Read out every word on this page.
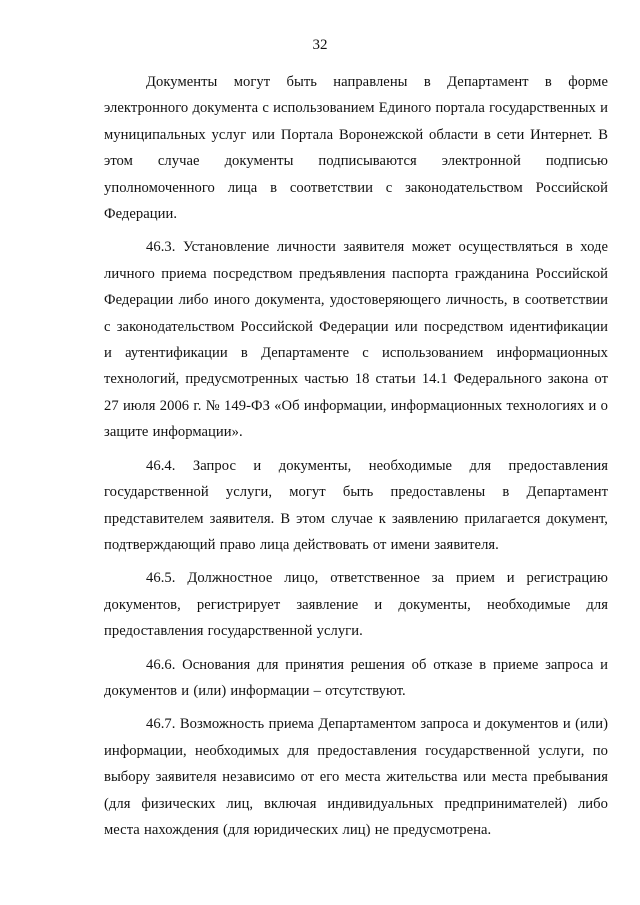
32

Документы могут быть направлены в Департамент в форме электронного документа с использованием Единого портала государственных и муниципальных услуг или Портала Воронежской области в сети Интернет. В этом случае документы подписываются электронной подписью уполномоченного лица в соответствии с законодательством Российской Федерации.

46.3. Установление личности заявителя может осуществляться в ходе личного приема посредством предъявления паспорта гражданина Российской Федерации либо иного документа, удостоверяющего личность, в соответствии с законодательством Российской Федерации или посредством идентификации и аутентификации в Департаменте с использованием информационных технологий, предусмотренных частью 18 статьи 14.1 Федерального закона от 27 июля 2006 г. № 149-ФЗ «Об информации, информационных технологиях и о защите информации».

46.4. Запрос и документы, необходимые для предоставления государственной услуги, могут быть предоставлены в Департамент представителем заявителя. В этом случае к заявлению прилагается документ, подтверждающий право лица действовать от имени заявителя.

46.5. Должностное лицо, ответственное за прием и регистрацию документов, регистрирует заявление и документы, необходимые для предоставления государственной услуги.

46.6. Основания для принятия решения об отказе в приеме запроса и документов и (или) информации – отсутствуют.

46.7. Возможность приема Департаментом запроса и документов и (или) информации, необходимых для предоставления государственной услуги, по выбору заявителя независимо от его места жительства или места пребывания (для физических лиц, включая индивидуальных предпринимателей) либо места нахождения (для юридических лиц) не предусмотрена.
